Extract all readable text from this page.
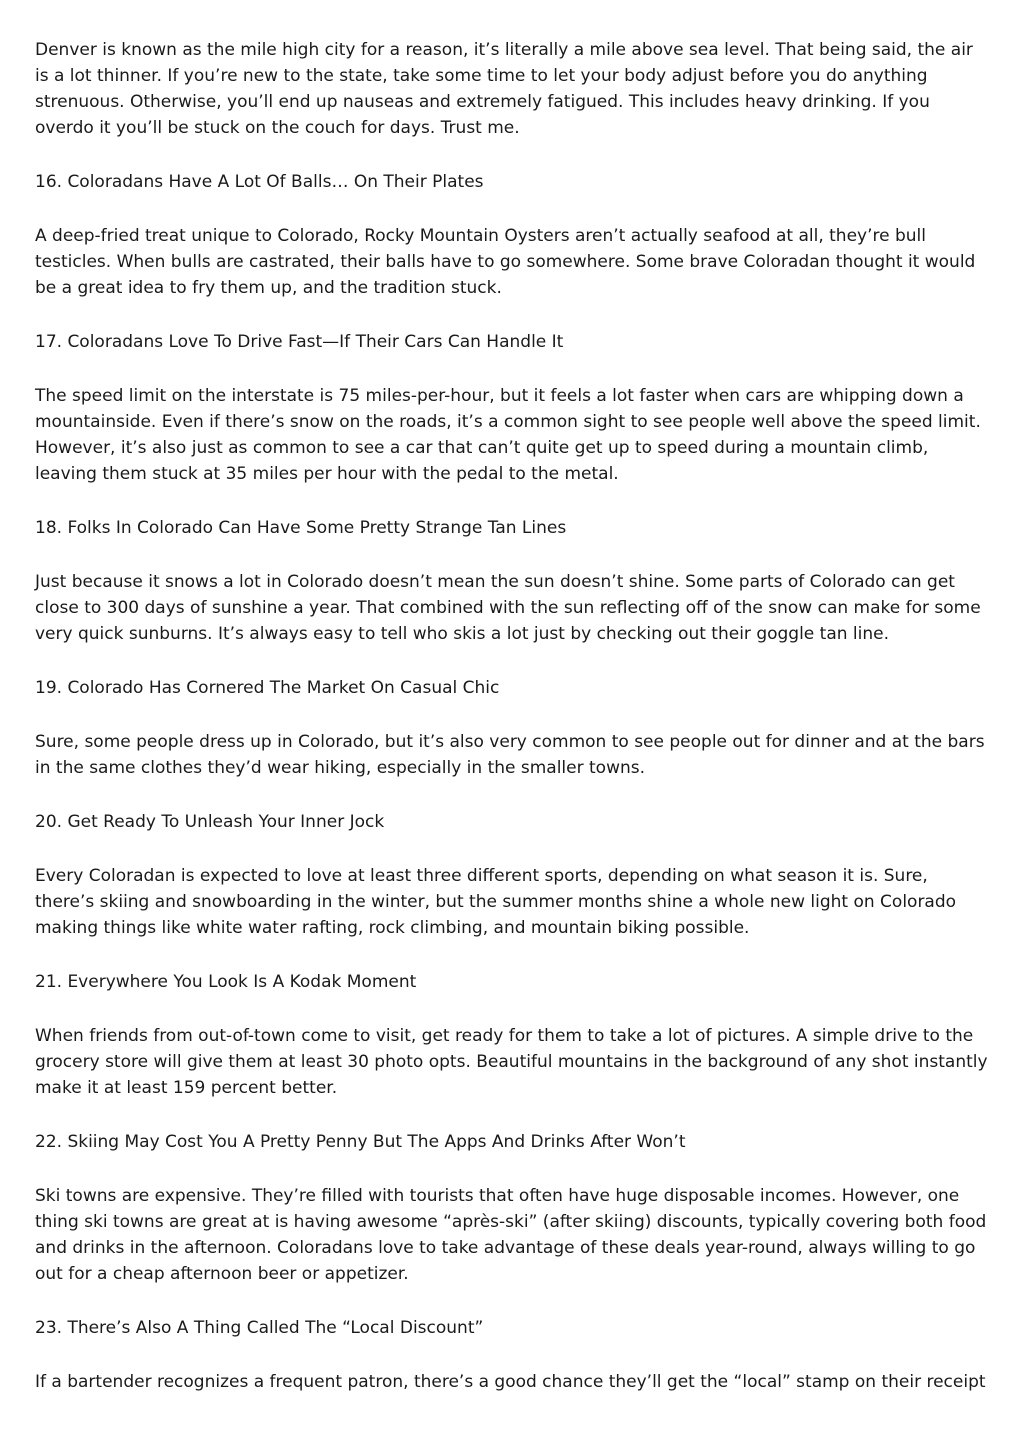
Denver is known as the mile high city for a reason, it’s literally a mile above sea level. That being said, the air is a lot thinner. If you’re new to the state, take some time to let your body adjust before you do anything strenuous. Otherwise, you’ll end up nauseas and extremely fatigued. This includes heavy drinking. If you overdo it you’ll be stuck on the couch for days. Trust me.

16. Coloradans Have A Lot Of Balls… On Their Plates

A deep-fried treat unique to Colorado, Rocky Mountain Oysters aren’t actually seafood at all, they’re bull testicles. When bulls are castrated, their balls have to go somewhere. Some brave Coloradan thought it would be a great idea to fry them up, and the tradition stuck.

17. Coloradans Love To Drive Fast—If Their Cars Can Handle It

The speed limit on the interstate is 75 miles-per-hour, but it feels a lot faster when cars are whipping down a mountainside. Even if there’s snow on the roads, it’s a common sight to see people well above the speed limit. However, it’s also just as common to see a car that can’t quite get up to speed during a mountain climb, leaving them stuck at 35 miles per hour with the pedal to the metal.

18. Folks In Colorado Can Have Some Pretty Strange Tan Lines

Just because it snows a lot in Colorado doesn’t mean the sun doesn’t shine. Some parts of Colorado can get close to 300 days of sunshine a year. That combined with the sun reflecting off of the snow can make for some very quick sunburns. It’s always easy to tell who skis a lot just by checking out their goggle tan line.

19. Colorado Has Cornered The Market On Casual Chic

Sure, some people dress up in Colorado, but it’s also very common to see people out for dinner and at the bars in the same clothes they’d wear hiking, especially in the smaller towns.

20. Get Ready To Unleash Your Inner Jock

Every Coloradan is expected to love at least three different sports, depending on what season it is. Sure, there’s skiing and snowboarding in the winter, but the summer months shine a whole new light on Colorado making things like white water rafting, rock climbing, and mountain biking possible.

21. Everywhere You Look Is A Kodak Moment

When friends from out-of-town come to visit, get ready for them to take a lot of pictures. A simple drive to the grocery store will give them at least 30 photo opts. Beautiful mountains in the background of any shot instantly make it at least 159 percent better.

22. Skiing May Cost You A Pretty Penny But The Apps And Drinks After Won’t

Ski towns are expensive. They’re filled with tourists that often have huge disposable incomes. However, one thing ski towns are great at is having awesome “après-ski” (after skiing) discounts, typically covering both food and drinks in the afternoon. Coloradans love to take advantage of these deals year-round, always willing to go out for a cheap afternoon beer or appetizer.

23. There’s Also A Thing Called The “Local Discount”

If a bartender recognizes a frequent patron, there’s a good chance they’ll get the “local” stamp on their receipt
